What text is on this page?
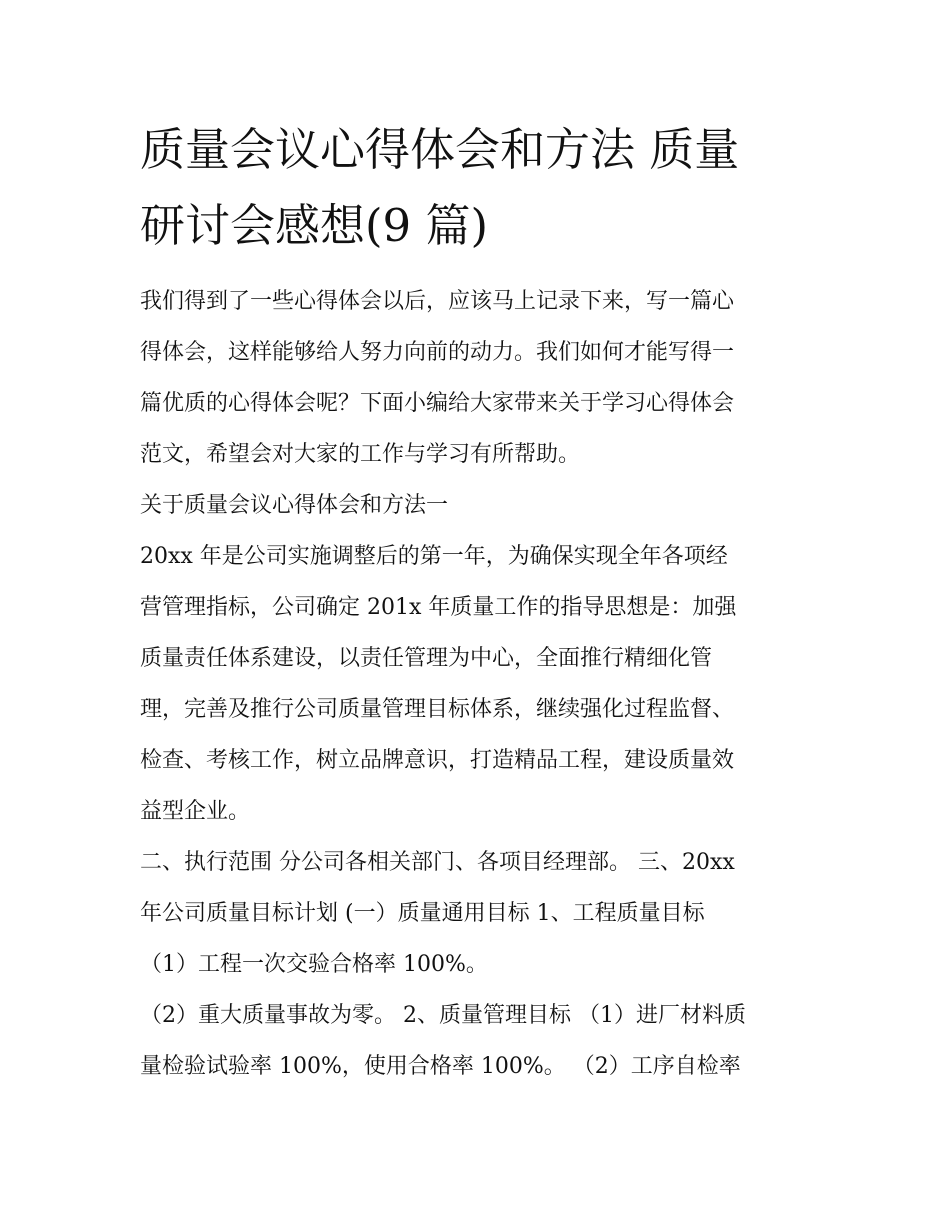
质量会议心得体会和方法 质量
研讨会感想(9 篇)
我们得到了一些心得体会以后，应该马上记录下来，写一篇心
得体会，这样能够给人努力向前的动力。我们如何才能写得一
篇优质的心得体会呢？下面小编给大家带来关于学习心得体会
范文，希望会对大家的工作与学习有所帮助。
关于质量会议心得体会和方法一
20xx 年是公司实施调整后的第一年，为确保实现全年各项经
营管理指标，公司确定 201x 年质量工作的指导思想是：加强
质量责任体系建设，以责任管理为中心，全面推行精细化管
理，完善及推行公司质量管理目标体系，继续强化过程监督、
检查、考核工作，树立品牌意识，打造精品工程，建设质量效
益型企业。
二、执行范围 分公司各相关部门、各项目经理部。 三、20xx
年公司质量目标计划 (一）质量通用目标 1、工程质量目标
（1）工程一次交验合格率 100%。
（2）重大质量事故为零。 2、质量管理目标 （1）进厂材料质
量检验试验率 100%，使用合格率 100%。 （2）工序自检率
